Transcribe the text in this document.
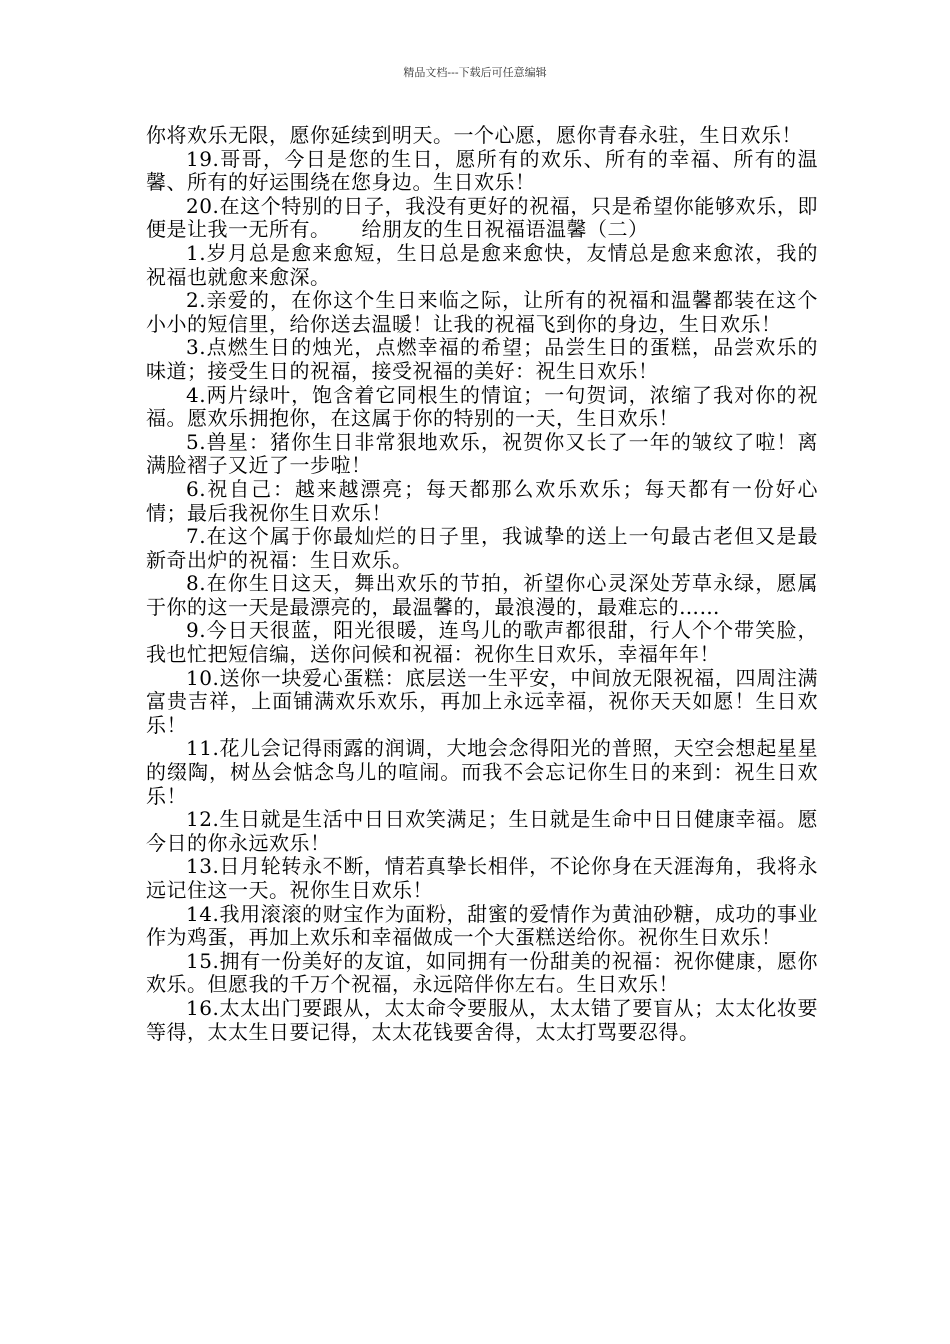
精品文档---下载后可任意编辑

你将欢乐无限，愿你延续到明天。一个心愿，愿你青春永驻，生日欢乐！

19.哥哥，今日是您的生日，愿所有的欢乐、所有的幸福、所有的温馨、所有的好运围绕在您身边。生日欢乐！

20.在这个特别的日子，我没有更好的祝福，只是希望你能够欢乐，即便是让我一无所有。　　给朋友的生日祝福语温馨（二）

1.岁月总是愈来愈短，生日总是愈来愈快，友情总是愈来愈浓，我的祝福也就愈来愈深。

2.亲爱的，在你这个生日来临之际，让所有的祝福和温馨都装在这个小小的短信里，给你送去温暖！让我的祝福飞到你的身边，生日欢乐！

3.点燃生日的烛光，点燃幸福的希望；品尝生日的蛋糕，品尝欢乐的味道；接受生日的祝福，接受祝福的美好：祝生日欢乐！

4.两片绿叶，饱含着它同根生的情谊；一句贺词，浓缩了我对你的祝福。愿欢乐拥抱你，在这属于你的特别的一天，生日欢乐！

5.兽星：猪你生日非常狠地欢乐，祝贺你又长了一年的皱纹了啦！离满脸褶子又近了一步啦！

6.祝自己：越来越漂亮；每天都那么欢乐欢乐；每天都有一份好心情；最后我祝你生日欢乐！

7.在这个属于你最灿烂的日子里，我诚挚的送上一句最古老但又是最新奇出炉的祝福：生日欢乐。

8.在你生日这天，舞出欢乐的节拍，祈望你心灵深处芳草永绿，愿属于你的这一天是最漂亮的，最温馨的，最浪漫的，最难忘的……

9.今日天很蓝，阳光很暖，连鸟儿的歌声都很甜，行人个个带笑脸，我也忙把短信编，送你问候和祝福：祝你生日欢乐，幸福年年！

10.送你一块爱心蛋糕：底层送一生平安，中间放无限祝福，四周注满富贵吉祥，上面铺满欢乐欢乐，再加上永远幸福，祝你天天如愿！生日欢乐！

11.花儿会记得雨露的润调，大地会念得阳光的普照，天空会想起星星的缀陶，树丛会惦念鸟儿的喧闹。而我不会忘记你生日的来到：祝生日欢乐！

12.生日就是生活中日日欢笑满足；生日就是生命中日日健康幸福。愿今日的你永远欢乐！

13.日月轮转永不断，情若真挚长相伴，不论你身在天涯海角，我将永远记住这一天。祝你生日欢乐！

14.我用滚滚的财宝作为面粉，甜蜜的爱情作为黄油砂糖，成功的事业作为鸡蛋，再加上欢乐和幸福做成一个大蛋糕送给你。祝你生日欢乐！

15.拥有一份美好的友谊，如同拥有一份甜美的祝福：祝你健康，愿你欢乐。但愿我的千万个祝福，永远陪伴你左右。生日欢乐！

16.太太出门要跟从，太太命令要服从，太太错了要盲从；太太化妆要等得，太太生日要记得，太太花钱要舍得，太太打骂要忍得。
